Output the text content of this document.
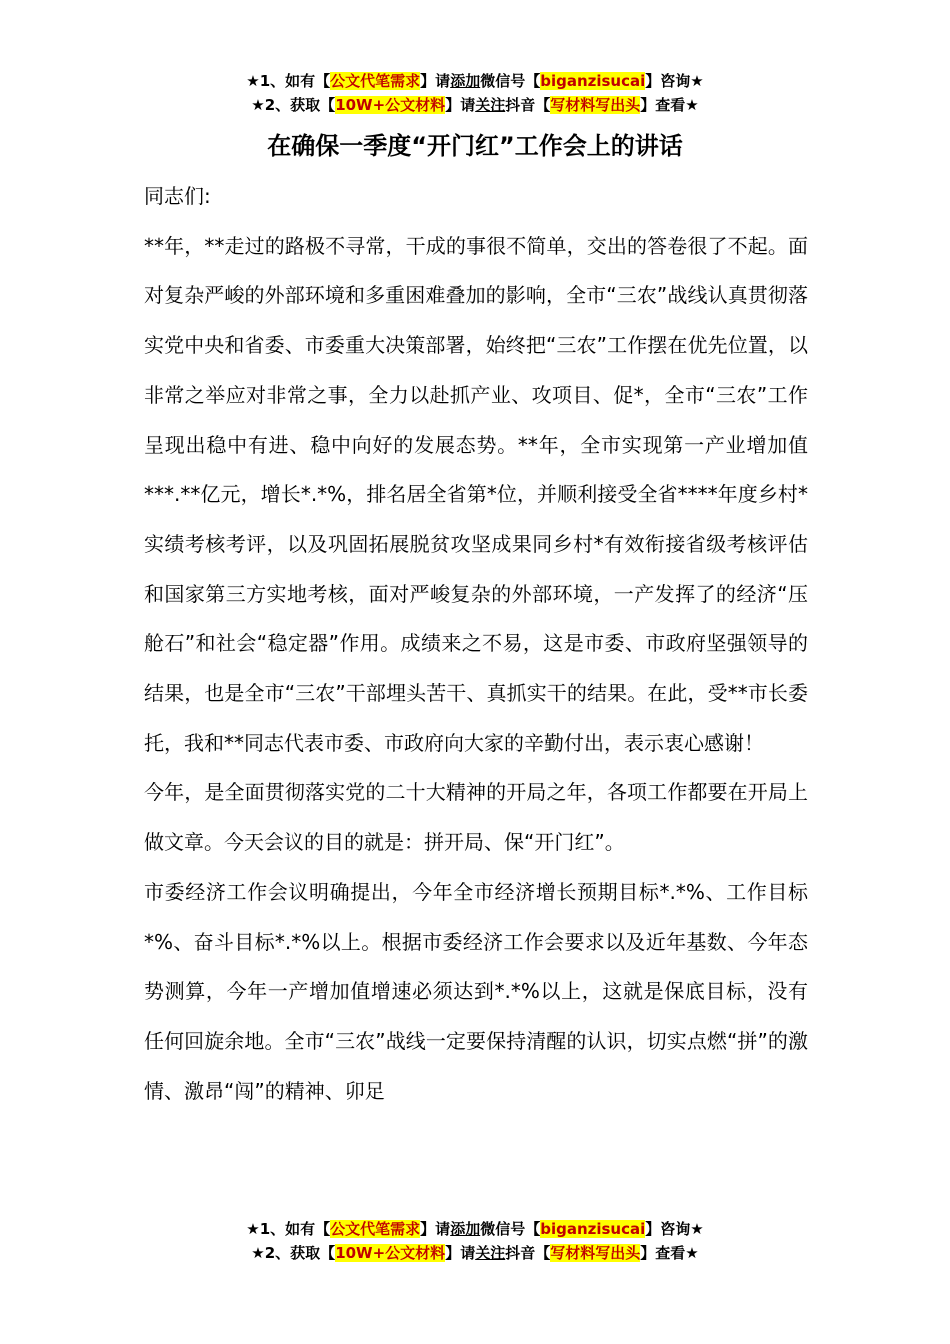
★1、如有【公文代笔需求】请添加微信号【biganzisucai】咨询★
★2、获取【10W+公文材料】请关注抖音【写材料写出头】查看★
在确保一季度“开门红”工作会上的讲话

同志们:

**年，**走过的路极不寻常，干成的事很不简单，交出的答卷很了不起。面对复杂严峻的外部环境和多重困难叠加的影响，全市“三农”战线认真贯彻落实党中央和省委、市委重大决策部署，始终把“三农”工作摆在优先位置，以非常之举应对非常之事，全力以赴抓产业、攻项目、促*，全市“三农”工作呈现出稳中有进、稳中向好的发展态势。**年，全市实现第一产业增加值***.**亿元，增长*.*%，排名居全省第*位，并顺利接受全省****年度乡村*实绩考核考评，以及巩固拓展脱贫攻坚成果同乡村*有效衔接省级考核评估和国家第三方实地考核，面对严峻复杂的外部环境，一产发挥了的经济“压舱石”和社会“稳定器”作用。成绩来之不易，这是市委、市政府坚强领导的结果，也是全市“三农”干部埋头苦干、真抓实干的结果。在此，受**市长委托，我和**同志代表市委、市政府向大家的辛勤付出，表示衷心感谢！

今年，是全面贯彻落实党的二十大精神的开局之年，各项工作都要在开局上做文章。今天会议的目的就是：拼开局、保“开门红”。

市委经济工作会议明确提出，今年全市经济增长预期目标*.*%、工作目标*%、奋斗目标*.*%以上。根据市委经济工作会要求以及近年基数、今年态势测算，今年一产增加值增速必须达到*.*%以上，这就是保底目标，没有任何回旋余地。全市“三农”战线一定要保持清醒的认识，切实点燃“拼”的激情、激昂“闯”的精神、卯足

★1、如有【公文代笔需求】请添加微信号【biganzisucai】咨询★
★2、获取【10W+公文材料】请关注抖音【写材料写出头】查看★
